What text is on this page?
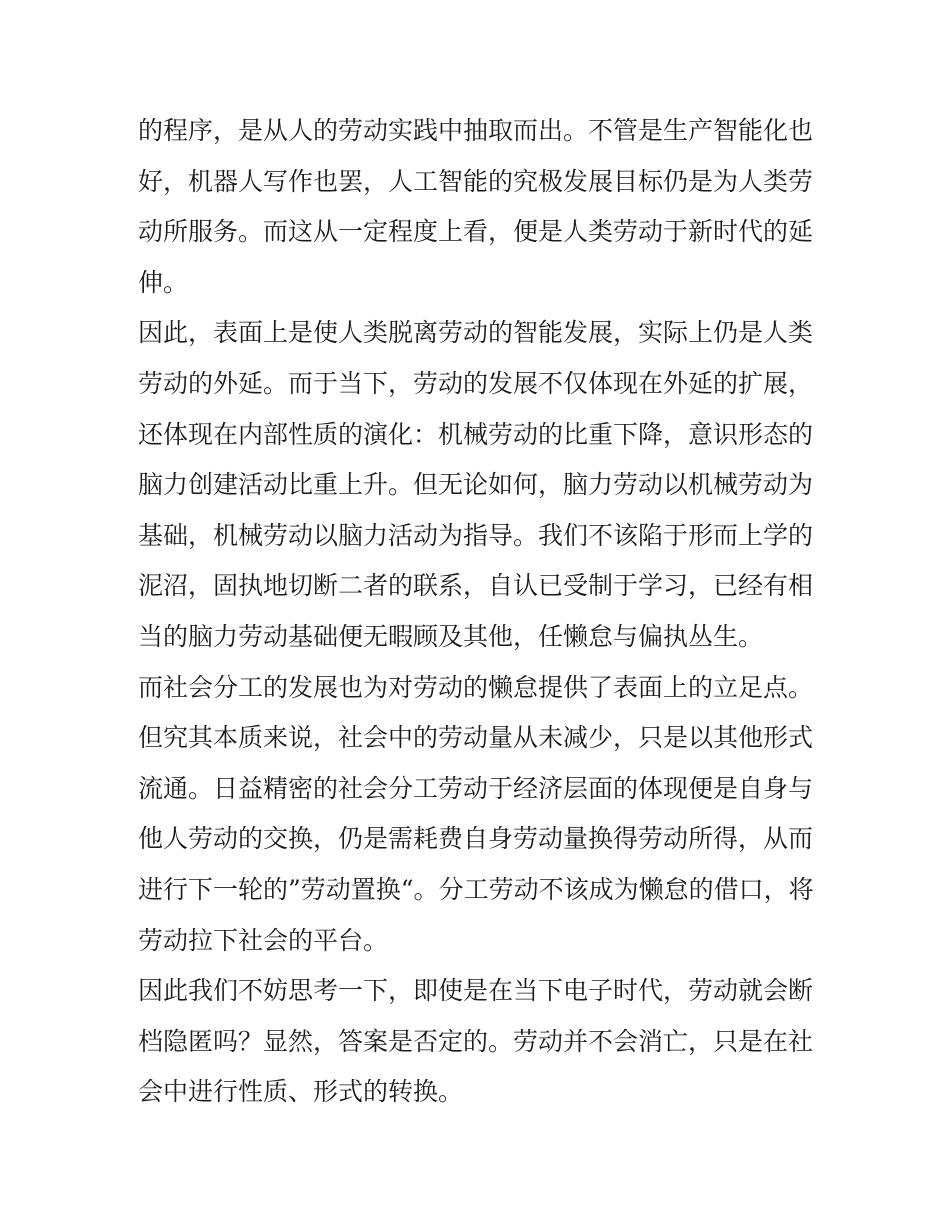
的程序，是从人的劳动实践中抽取而出。不管是生产智能化也
好，机器人写作也罢，人工智能的究极发展目标仍是为人类劳
动所服务。而这从一定程度上看，便是人类劳动于新时代的延
伸。
因此，表面上是使人类脱离劳动的智能发展，实际上仍是人类
劳动的外延。而于当下，劳动的发展不仅体现在外延的扩展，
还体现在内部性质的演化：机械劳动的比重下降，意识形态的
脑力创建活动比重上升。但无论如何，脑力劳动以机械劳动为
基础，机械劳动以脑力活动为指导。我们不该陷于形而上学的
泥沼，固执地切断二者的联系，自认已受制于学习，已经有相
当的脑力劳动基础便无暇顾及其他，任懒怠与偏执丛生。
而社会分工的发展也为对劳动的懒怠提供了表面上的立足点。
但究其本质来说，社会中的劳动量从未减少，只是以其他形式
流通。日益精密的社会分工劳动于经济层面的体现便是自身与
他人劳动的交换，仍是需耗费自身劳动量换得劳动所得，从而
进行下一轮的”劳动置换“。分工劳动不该成为懒怠的借口，将
劳动拉下社会的平台。
因此我们不妨思考一下，即使是在当下电子时代，劳动就会断
档隐匿吗？显然，答案是否定的。劳动并不会消亡，只是在社
会中进行性质、形式的转换。
